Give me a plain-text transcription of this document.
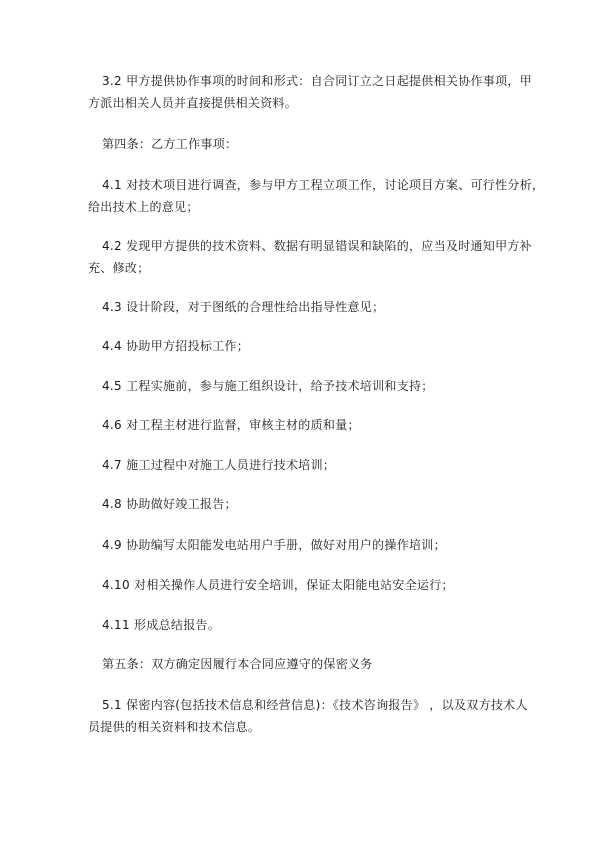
3.2 甲方提供协作事项的时间和形式：自合同订立之日起提供相关协作事项，甲
方派出相关人员并直接提供相关资料。
第四条：乙方工作事项：
4.1 对技术项目进行调查，参与甲方工程立项工作，讨论项目方案、可行性分析，
给出技术上的意见；
4.2 发现甲方提供的技术资料、数据有明显错误和缺陷的，应当及时通知甲方补
充、修改；
4.3 设计阶段，对于图纸的合理性给出指导性意见；
4.4 协助甲方招投标工作；
4.5 工程实施前，参与施工组织设计，给予技术培训和支持；
4.6 对工程主材进行监督，审核主材的质和量；
4.7 施工过程中对施工人员进行技术培训；
4.8 协助做好竣工报告；
4.9 协助编写太阳能发电站用户手册，做好对用户的操作培训；
4.10 对相关操作人员进行安全培训，保证太阳能电站安全运行；
4.11 形成总结报告。
第五条：双方确定因履行本合同应遵守的保密义务
5.1 保密内容(包括技术信息和经营信息)：《技术咨询报告》 ，以及双方技术人
员提供的相关资料和技术信息。
